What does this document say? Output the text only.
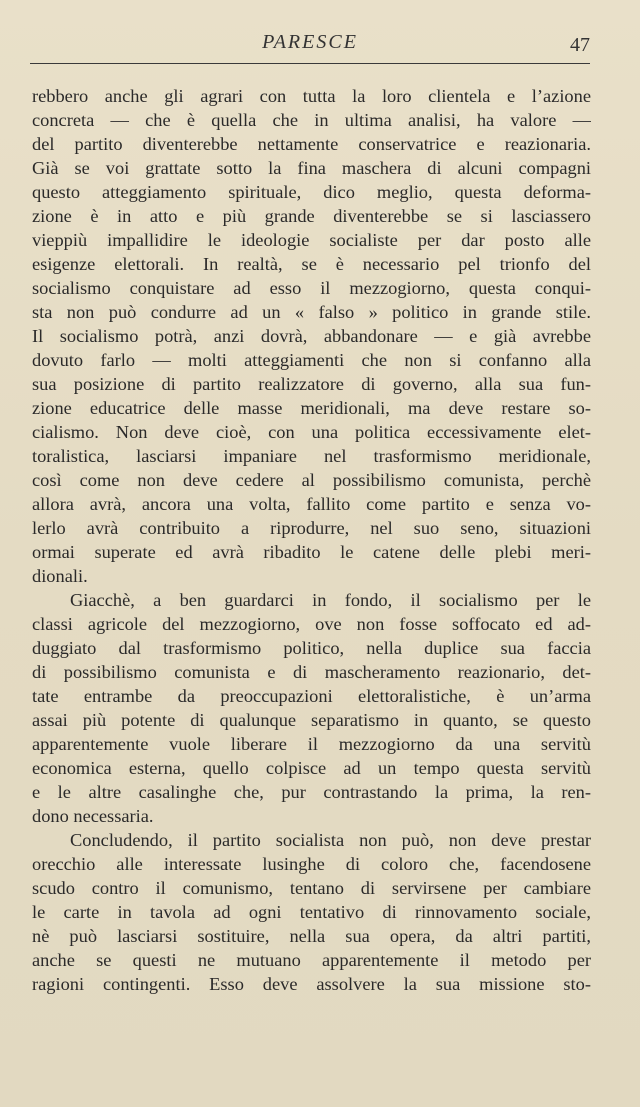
PARESCE	47
rebbero anche gli agrari con tutta la loro clientela e l’azione
concreta — che è quella che in ultima analisi, ha valore —
del partito diventerebbe nettamente conservatrice e reazionaria.
Già se voi grattate sotto la fina maschera di alcuni compagni
questo atteggiamento spirituale, dico meglio, questa deforma-
zione è in atto e più grande diventerebbe se si lasciassero
vieppiù impallidire le ideologie socialiste per dar posto alle
esigenze elettorali. In realtà, se è necessario pel trionfo del
socialismo conquistare ad esso il mezzogiorno, questa conqui-
sta non può condurre ad un « falso » politico in grande stile.
Il socialismo potrà, anzi dovrà, abbandonare — e già avrebbe
dovuto farlo — molti atteggiamenti che non si confanno alla
sua posizione di partito realizzatore di governo, alla sua fun-
zione educatrice delle masse meridionali, ma deve restare so-
cialismo. Non deve cioè, con una politica eccessivamente elet-
toralistica, lasciarsi impaniare nel trasformismo meridionale,
così come non deve cedere al possibilismo comunista, perchè
allora avrà, ancora una volta, fallito come partito e senza vo-
lerlo avrà contribuito a riprodurre, nel suo seno, situazioni
ormai superate ed avrà ribadito le catene delle plebi meri-
dionali.
Giacchè, a ben guardarci in fondo, il socialismo per le
classi agricole del mezzogiorno, ove non fosse soffocato ed ad-
duggiato dal trasformismo politico, nella duplice sua faccia
di possibilismo comunista e di mascheramento reazionario, det-
tate entrambe da preoccupazioni elettoralistiche, è un’arma
assai più potente di qualunque separatismo in quanto, se questo
apparentemente vuole liberare il mezzogiorno da una servitù
economica esterna, quello colpisce ad un tempo questa servitù
e le altre casalinghe che, pur contrastando la prima, la ren-
dono necessaria.
Concludendo, il partito socialista non può, non deve prestar
orecchio alle interessate lusinghe di coloro che, facendosene
scudo contro il comunismo, tentano di servirsene per cambiare
le carte in tavola ad ogni tentativo di rinnovamento sociale,
nè può lasciarsi sostituire, nella sua opera, da altri partiti,
anche se questi ne mutuano apparentemente il metodo per
ragioni contingenti. Esso deve assolvere la sua missione sto-
